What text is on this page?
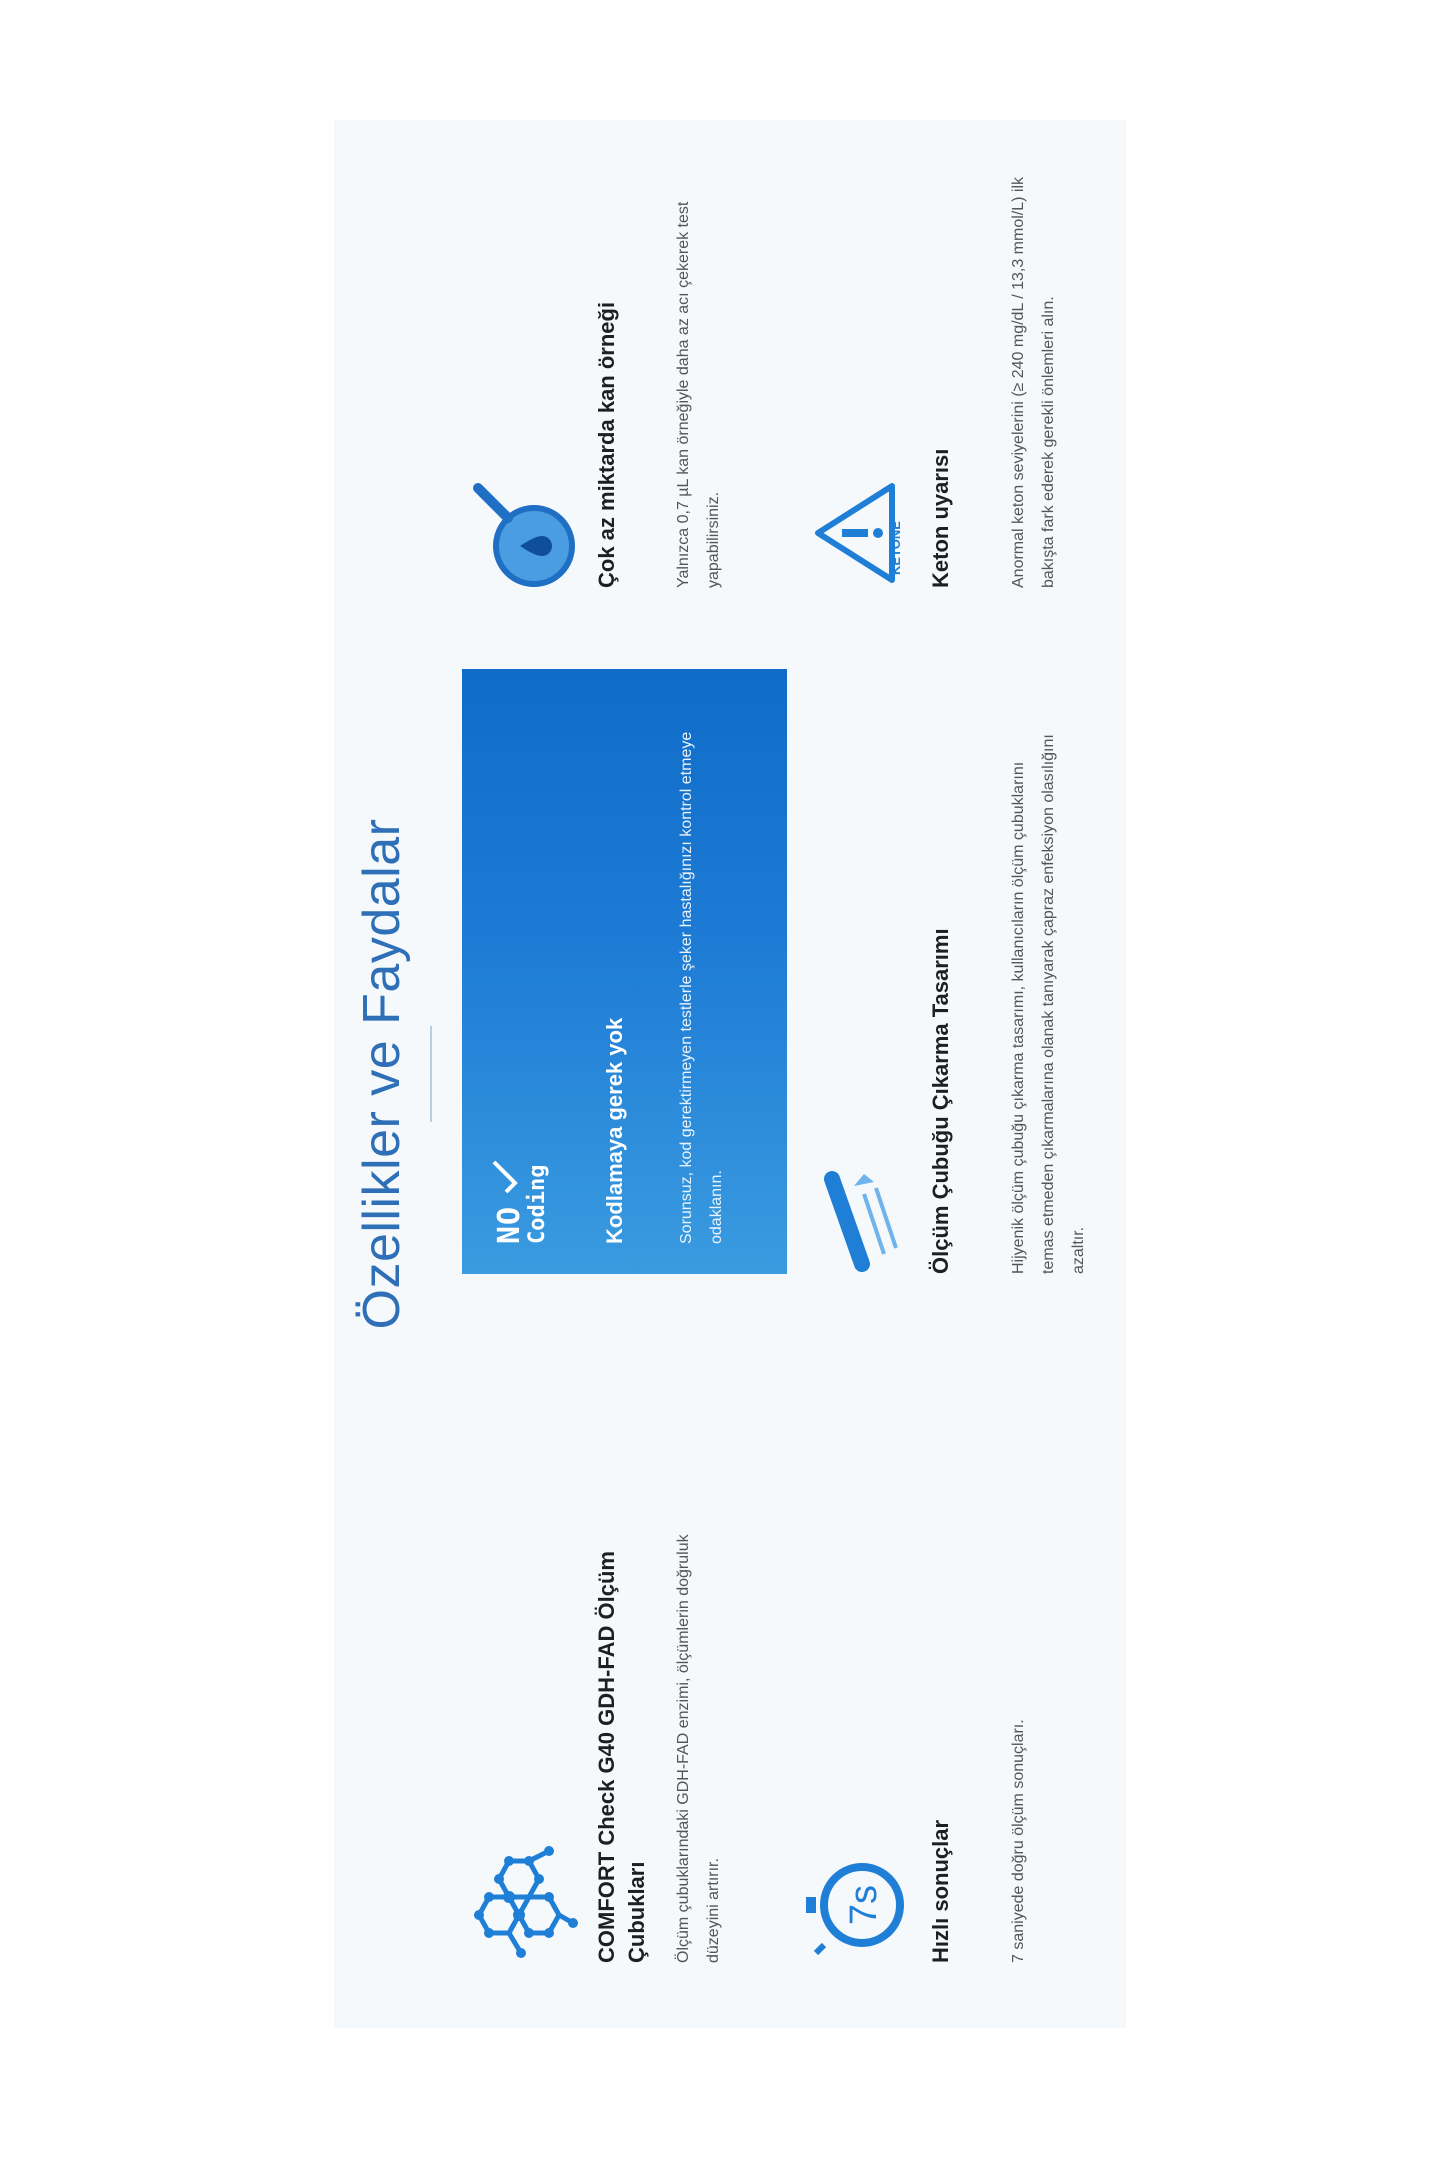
Özellikler ve Faydalar

COMFORT Check G40 GDH-FAD Ölçüm Çubukları	Ölçüm çubuklarındaki GDH-FAD enzimi, ölçümlerin doğruluk düzeyini artırır.

NO
Coding Kodlamaya gerek yok	Sorunsuz, kod gerektirmeyen testlerle şeker hastalığınızı kontrol etmeye odaklanın.

Çok az miktarda kan örneği	Yalnızca 0,7 µL kan örneğiyle daha az acı çekerek test yapabilirsiniz.

7s Hızlı sonuçlar	7 saniyede doğru ölçüm sonuçları.

Ölçüm Çubuğu Çıkarma Tasarımı	Hijyenik ölçüm çubuğu çıkarma tasarımı, kullanıcıların ölçüm çubuklarını temas etmeden çıkarmalarına olanak tanıyarak çapraz enfeksiyon olasılığını azaltır.

KETONE Keton uyarısı	Anormal keton seviyelerini (≥ 240 mg/dL / 13,3 mmol/L) ilk bakışta fark ederek gerekli önlemleri alın.
